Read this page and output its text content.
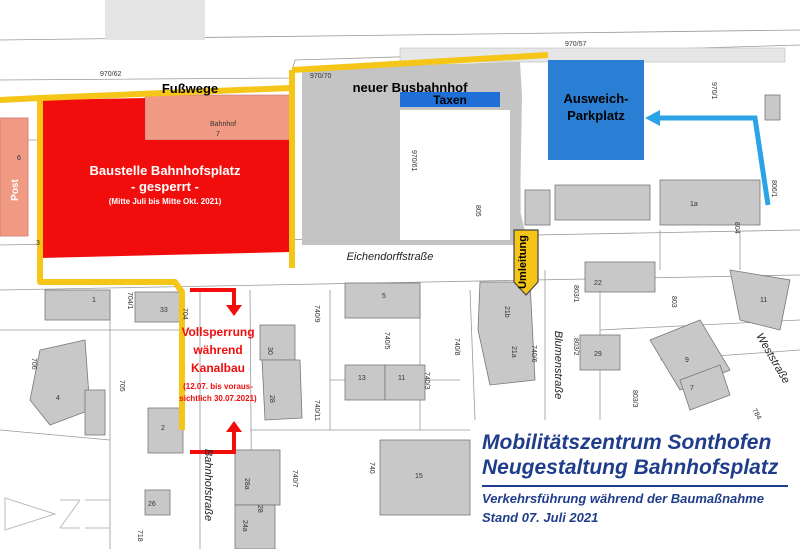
Umleitung
Baustelle Bahnhofsplatz
- gesperrt -
(Mitte Juli bis Mitte Okt. 2021)
Bahnhof
7
Fußwege	neuer Busbahnhof
Taxen	Ausweich-
Parkplatz
Post
Vollsperrung
während
Kanalbau
(12.07. bis voraus-
sichtlich 30.07.2021)
Eichendorffstraße
Blumenstraße
Bahnhofstraße
Weststraße
970/57
970/62	970/70
970/61
970/1
806/1
805
804
1a
6
3
704/1
704
705
706
740/9
740/5	740/8
740/3
740/6
740/11
740/7
740
718
803/1
803/2
803/3
803
784
1
33
4
2
30
28
5
13	11
15
21b
21a
22
29
9
7
11
28a
24a
26
28
Mobilitätszentrum Sonthofen
Neugestaltung Bahnhofsplatz
Verkehrsführung während der Baumaßnahme
Stand 07. Juli 2021
